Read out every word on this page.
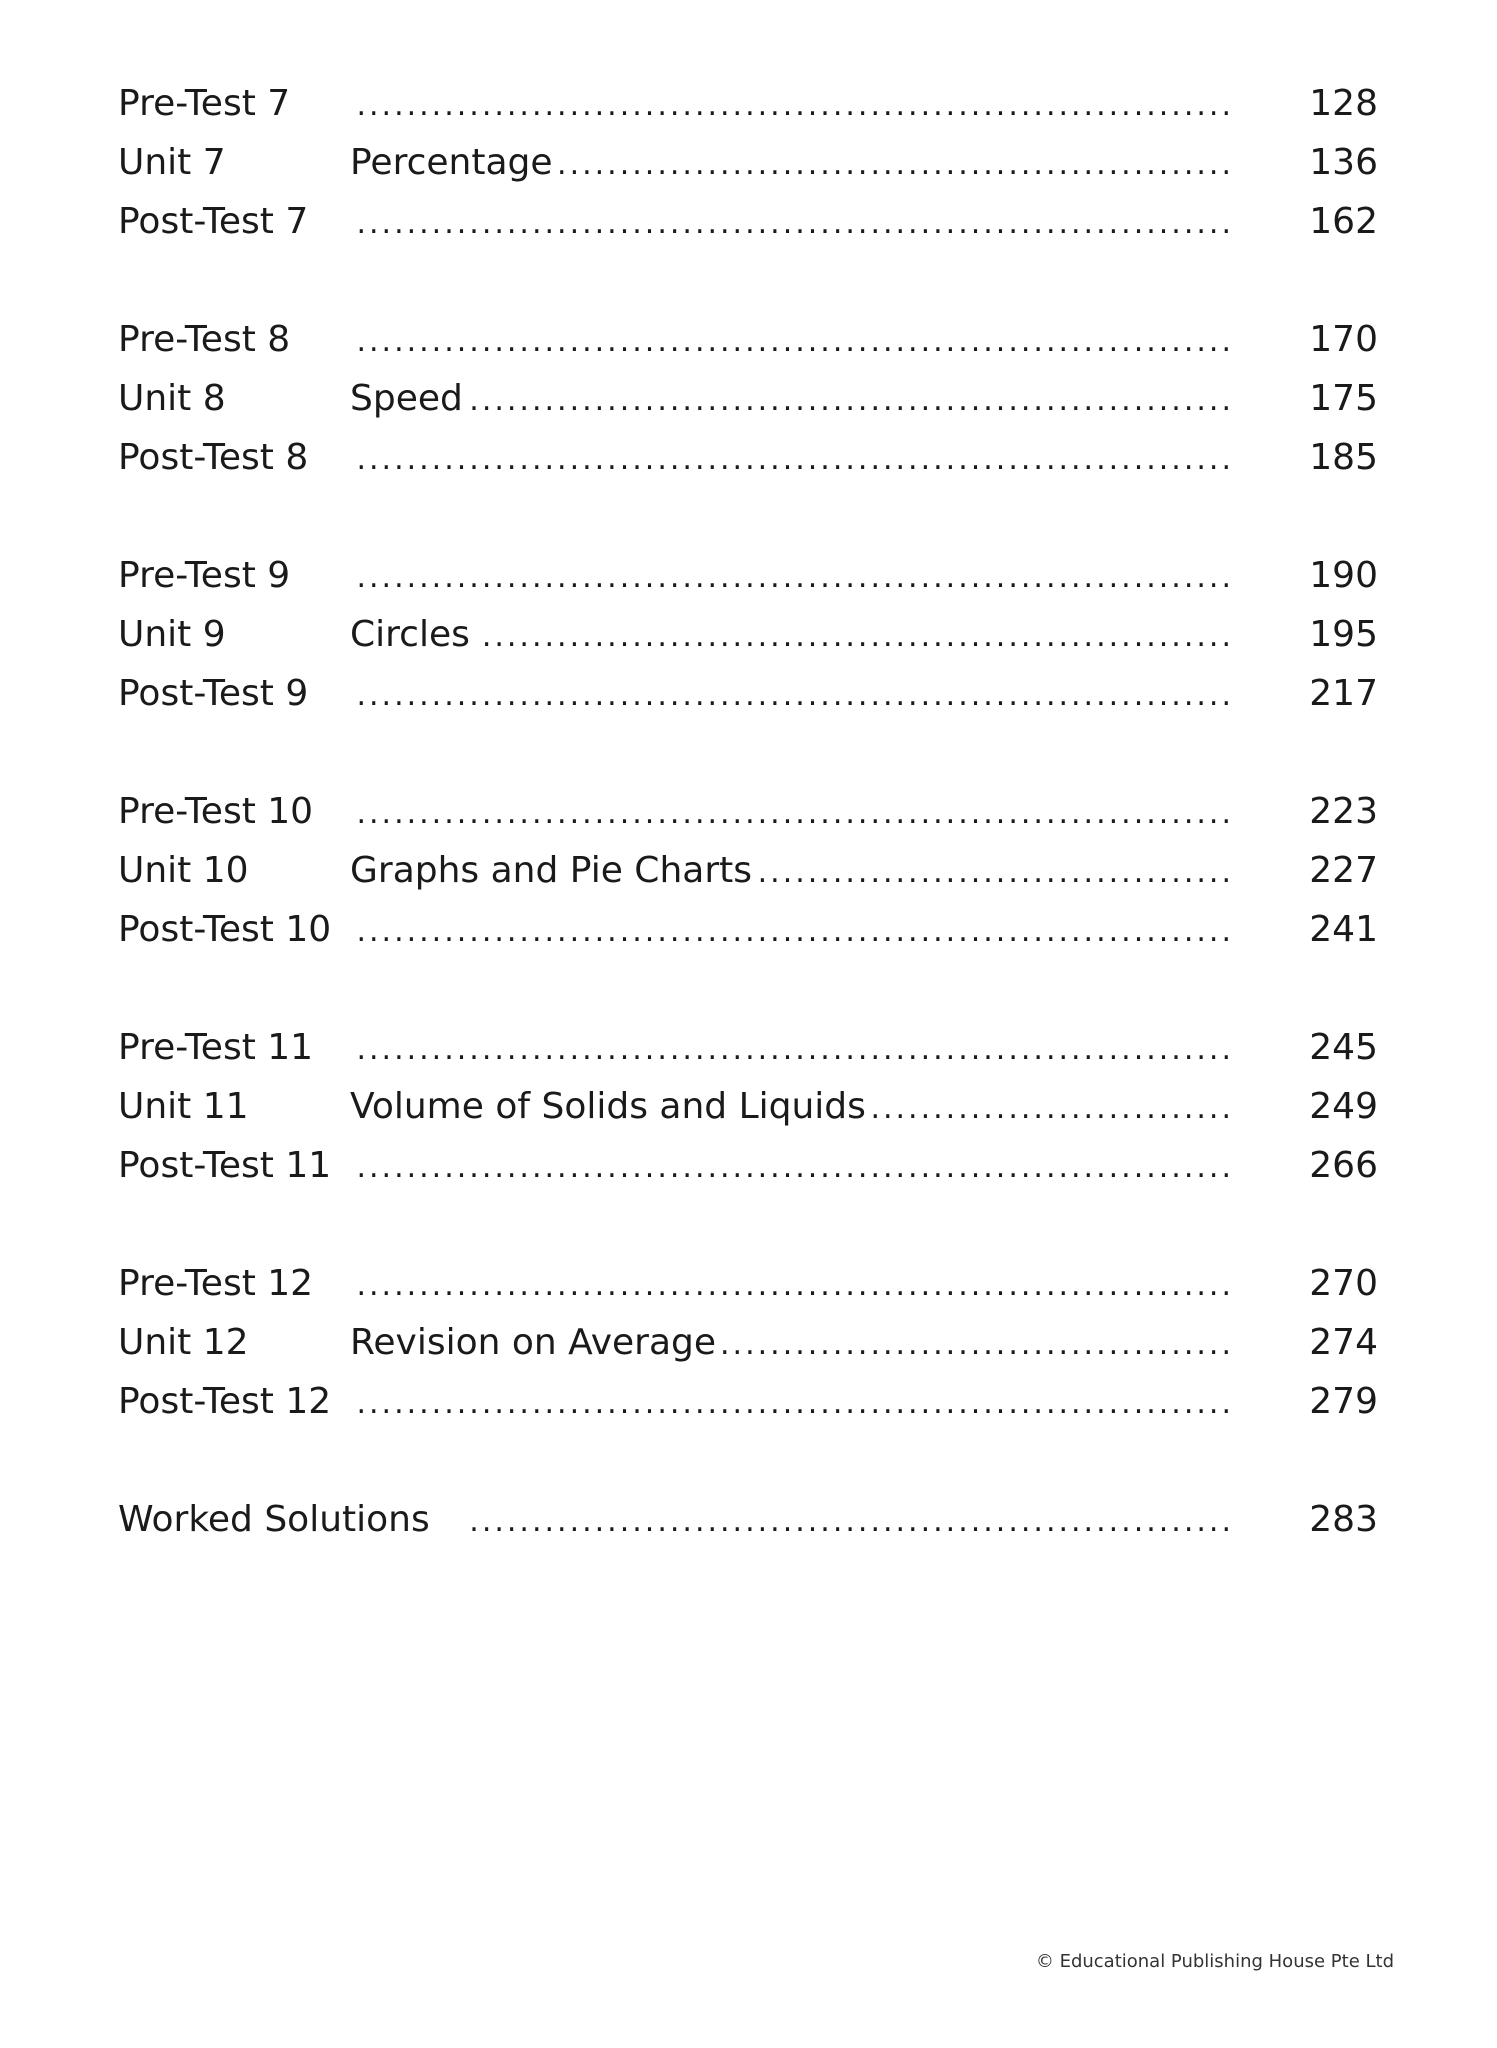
Pre-Test 7 .....	128
Unit 7	Percentage .....	136
Post-Test 7 .....	162
Pre-Test 8 .....	170
Unit 8	Speed .....	175
Post-Test 8 .....	185
Pre-Test 9 .....	190
Unit 9	Circles .....	195
Post-Test 9 .....	217
Pre-Test 10 .....	223
Unit 10	Graphs and Pie Charts .....	227
Post-Test 10 .....	241
Pre-Test 11 .....	245
Unit 11	Volume of Solids and Liquids .....	249
Post-Test 11 .....	266
Pre-Test 12 .....	270
Unit 12	Revision on Average .....	274
Post-Test 12 .....	279
Worked Solutions .....	283
© Educational Publishing House Pte Ltd
